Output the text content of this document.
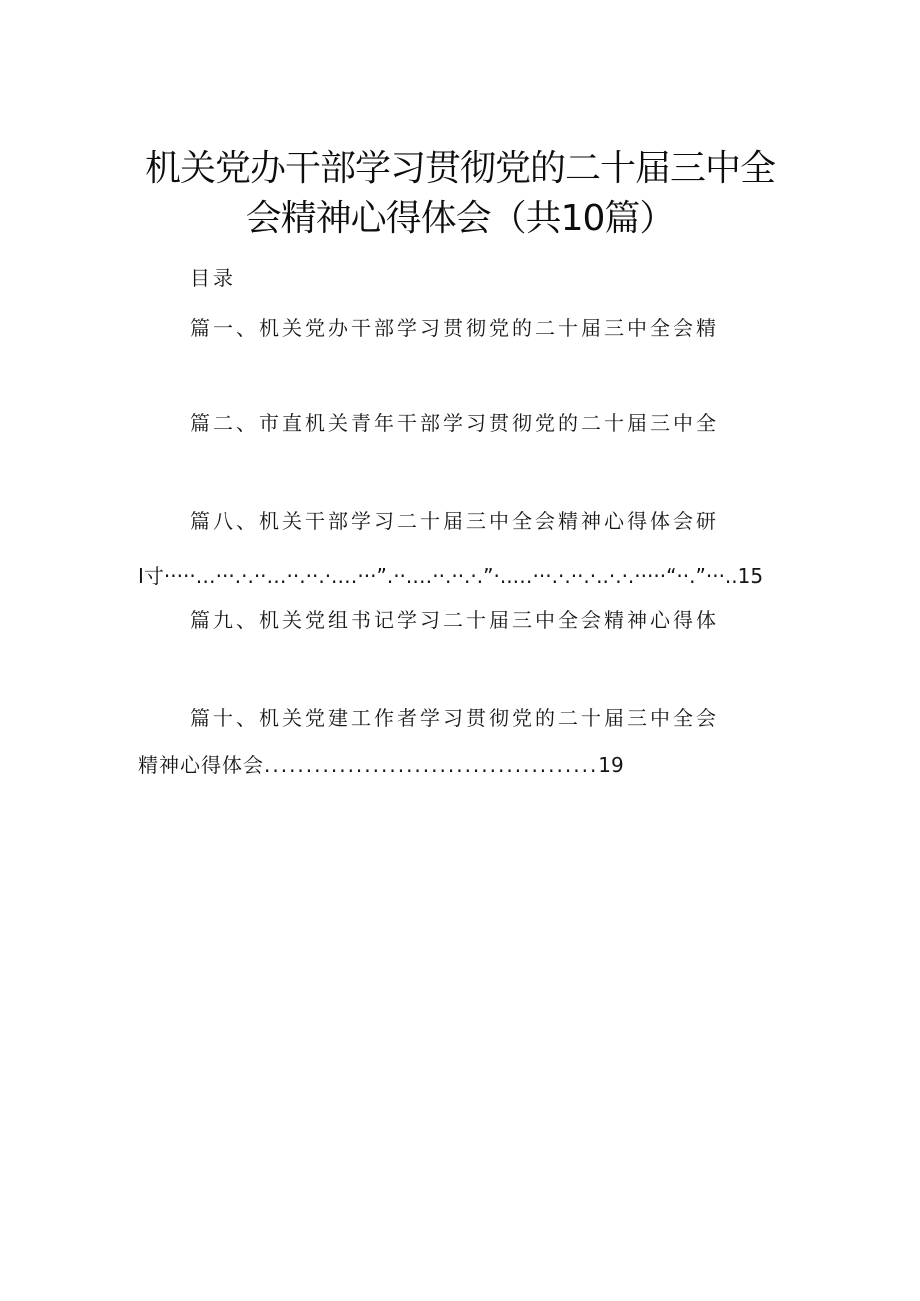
机关党办干部学习贯彻党的二十届三中全
会精神心得体会（共10篇）
目录
篇一、机关党办干部学习贯彻党的二十届三中全会精
篇二、市直机关青年干部学习贯彻党的二十届三中全
篇八、机关干部学习二十届三中全会精神心得体会研
I寸·····…···.·.··…··.··.·.…···”.··.…··.··.·.”·..…···.·.··.·..·.·.·····“··.”···..15
篇九、机关党组书记学习二十届三中全会精神心得体
篇十、机关党建工作者学习贯彻党的二十届三中全会
精神心得体会........................................19
